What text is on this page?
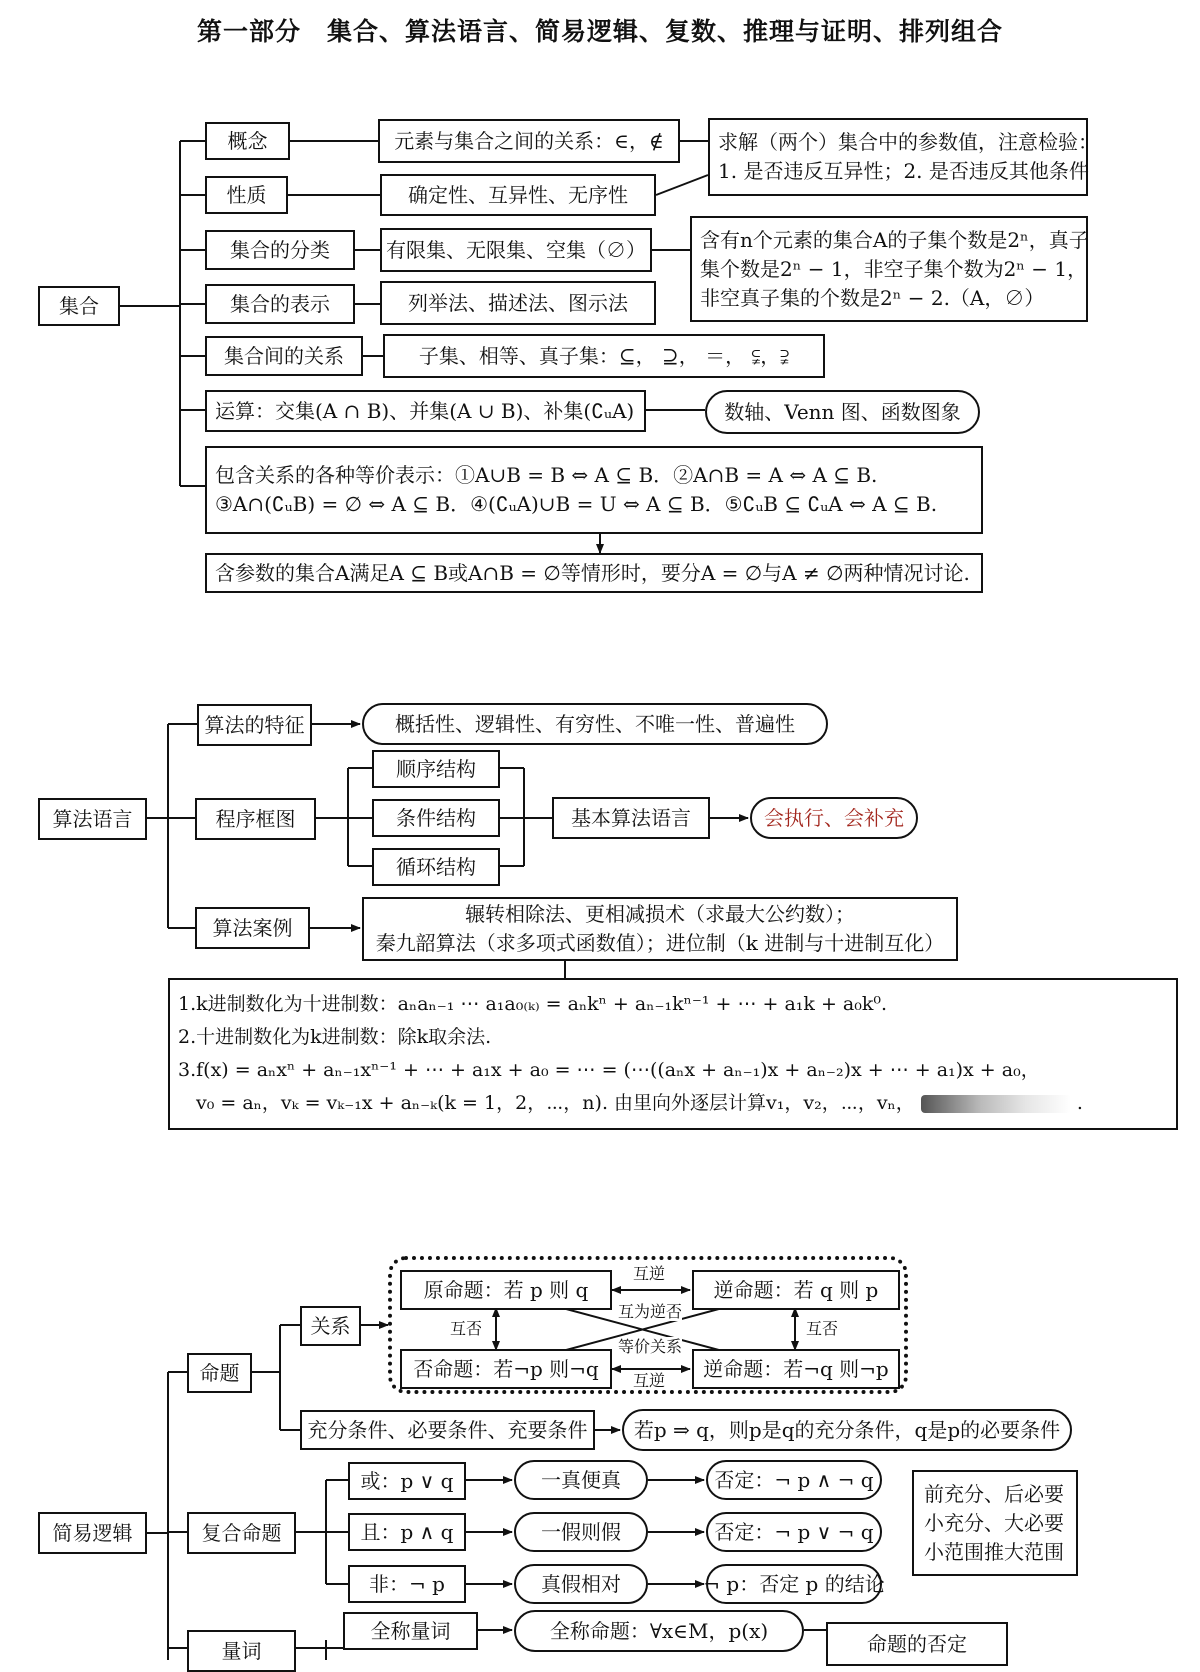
第一部分　集合、算法语言、简易逻辑、复数、推理与证明、排列组合
集合
概念	元素与集合之间的关系：∈，∉	求解（两个）集合中的参数值，注意检验：
1. 是否违反互异性；2. 是否违反其他条件
性质	确定性、互异性、无序性
集合的分类	有限集、无限集、空集（∅）	含有n个元素的集合A的子集个数是2ⁿ，真子
集个数是2ⁿ − 1，非空子集个数为2ⁿ − 1，
非空真子集的个数是2ⁿ − 2.（A，∅）
集合的表示	列举法、描述法、图示法
集合间的关系	子集、相等、真子集：⊆， ⊇， ＝， ⫋，⫌
运算：交集(A ∩ B)、并集(A ∪ B)、补集(∁ᵤA)	数轴、Venn 图、函数图象
包含关系的各种等价表示：①A∪B = B ⇔ A ⊆ B．②A∩B = A ⇔ A ⊆ B.
③A∩(∁ᵤB) = ∅ ⇔ A ⊆ B．④(∁ᵤA)∪B = U ⇔ A ⊆ B．⑤∁ᵤB ⊆ ∁ᵤA ⇔ A ⊆ B.
含参数的集合A满足A ⊆ B或A∩B = ∅等情形时，要分A = ∅与A ≠ ∅两种情况讨论.
算法语言
算法的特征	概括性、逻辑性、有穷性、不唯一性、普遍性
程序框图
顺序结构
条件结构
循环结构
基本算法语言	会执行、会补充
算法案例
辗转相除法、更相减损术（求最大公约数）；
秦九韶算法（求多项式函数值）；进位制（k 进制与十进制互化）
1.k进制数化为十进制数：aₙaₙ₋₁ ⋯ a₁a₀₍ₖ₎ = aₙkⁿ + aₙ₋₁kⁿ⁻¹ + ⋯ + a₁k + a₀k⁰.
2.十进制数化为k进制数：除k取余法.
3.f(x) = aₙxⁿ + aₙ₋₁xⁿ⁻¹ + ⋯ + a₁x + a₀ = ⋯ = (⋯((aₙx + aₙ₋₁)x + aₙ₋₂)x + ⋯ + a₁)x + a₀，
v₀ = aₙ，vₖ = vₖ₋₁x + aₙ₋ₖ(k = 1，2，⋯，n). 由里向外逐层计算v₁，v₂，⋯，vₙ，	.
简易逻辑
命题
关系
原命题：若 p 则 q	逆命题：若 q 则 p
否命题：若¬p 则¬q	逆命题：若¬q 则¬p
互逆
互逆
互否	互否
互为逆否
等价关系
充分条件、必要条件、充要条件	若p ⇒ q，则p是q的充分条件，q是p的必要条件
前充分、后必要
小充分、大必要
小范围推大范围
复合命题
或：p ∨ q
且：p ∧ q
非：¬ p
一真便真
一假则假
真假相对
否定：¬ p ∧ ¬ q
否定：¬ p ∨ ¬ q
¬ p：否定 p 的结论
量词
全称量词	全称命题：∀x∈M，p(x)
命题的否定
